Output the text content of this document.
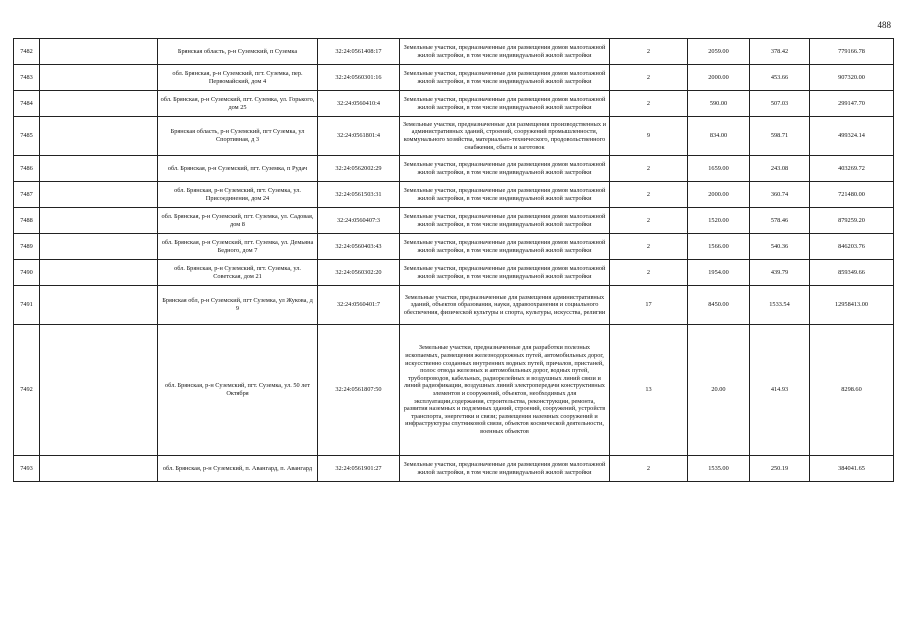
488
7482		Брянская область, р-н Суземский, п Суземка	32:24:0561408:17	Земельные участки, предназначенные для размещения домов малоэтажной жилой застройки, в том числе индивидуальной жилой застройки	2	2059.00	378.42	779166.78
7483		обл. Брянская, р-н Суземский, пгт. Суземка, пер. Первомайский, дом 4	32:24:0560301:16	Земельные участки, предназначенные для размещения домов малоэтажной жилой застройки, в том числе индивидуальной жилой застройки	2	2000.00	453.66	907320.00
7484		обл. Брянская, р-н Суземский, пгт. Суземка, ул. Горького, дом 25	32:24:0560410:4	Земельные участки, предназначенные для размещения домов малоэтажной жилой застройки, в том числе индивидуальной жилой застройки	2	590.00	507.03	299147.70
7485		Брянская область, р-н Суземский, пгт Суземка, ул Спортивная, д 3	32:24:0561801:4	Земельные участки, предназначенные для размещения производственных и административных зданий, строений, сооружений промышленности, коммунального хозяйства, материально-технического, продовольственного снабжения, сбыта и заготовок	9	834.00	598.71	499324.14
7486		обл. Брянская, р-н Суземский, пгт. Суземка, п Рудач	32:24:0562002:29	Земельные участки, предназначенные для размещения домов малоэтажной жилой застройки, в том числе индивидуальной жилой застройки	2	1659.00	243.08	403269.72
7487		обл. Брянская, р-н Суземский, пгт. Суземка, ул. Присоединения, дом 24	32:24:0561503:31	Земельные участки, предназначенные для размещения домов малоэтажной жилой застройки, в том числе индивидуальной жилой застройки	2	2000.00	360.74	721480.00
7488		обл. Брянская, р-н Суземский, пгт. Суземка, ул. Садовая, дом 8	32:24:0560407:3	Земельные участки, предназначенные для размещения домов малоэтажной жилой застройки, в том числе индивидуальной жилой застройки	2	1520.00	578.46	879259.20
7489		обл. Брянская, р-н Суземский, пгт. Суземка, ул. Демьяна Бедного, дом 7	32:24:0560403:43	Земельные участки, предназначенные для размещения домов малоэтажной жилой застройки, в том числе индивидуальной жилой застройки	2	1566.00	540.36	846203.76
7490		обл. Брянская, р-н Суземский, пгт. Суземка, ул. Советская, дом 21	32:24:0560302:20	Земельные участки, предназначенные для размещения домов малоэтажной жилой застройки, в том числе индивидуальной жилой застройки	2	1954.00	439.79	859349.66
7491		Брянская обл, р-н Суземский, пгт Суземка, ул Жукова, д 9	32:24:0560401:7	Земельные участки, предназначенные для размещения административных зданий, объектов образования, науки, здравоохранения и социального обеспечения, физической культуры и спорта, культуры, искусства, религии	17	8450.00	1533.54	12958413.00
7492		обл. Брянская, р-н Суземский, пгт. Суземка, ул. 50 лет Октября	32:24:0561807:50	Земельные участки, предназначенные для разработки полезных ископаемых, размещения железнодорожных путей, автомобильных дорог, искусственно созданных внутренних водных путей, причалов, пристаней, полос отвода железных и автомобильных дорог, водных путей, трубопроводов, кабельных, радиорелейных и воздушных линий связи и линий радиофикации, воздушных линий электропередачи конструктивных элементов и сооружений, объектов, необходимых для эксплуатации,содержания, строительства, реконструкции, ремонта, развития наземных и подземных зданий, строений, сооружений, устройств транспорта, энергетики и связи; размещения наземных сооружений и инфраструктуры спутниковой связи, объектов космической деятельности, военных объектов	13	20.00	414.93	8298.60
7493		обл. Брянская, р-н Суземский, п. Авангард, п. Авангард	32:24:0561901:27	Земельные участки, предназначенные для размещения домов малоэтажной жилой застройки, в том числе индивидуальной жилой застройки	2	1535.00	250.19	384041.65
